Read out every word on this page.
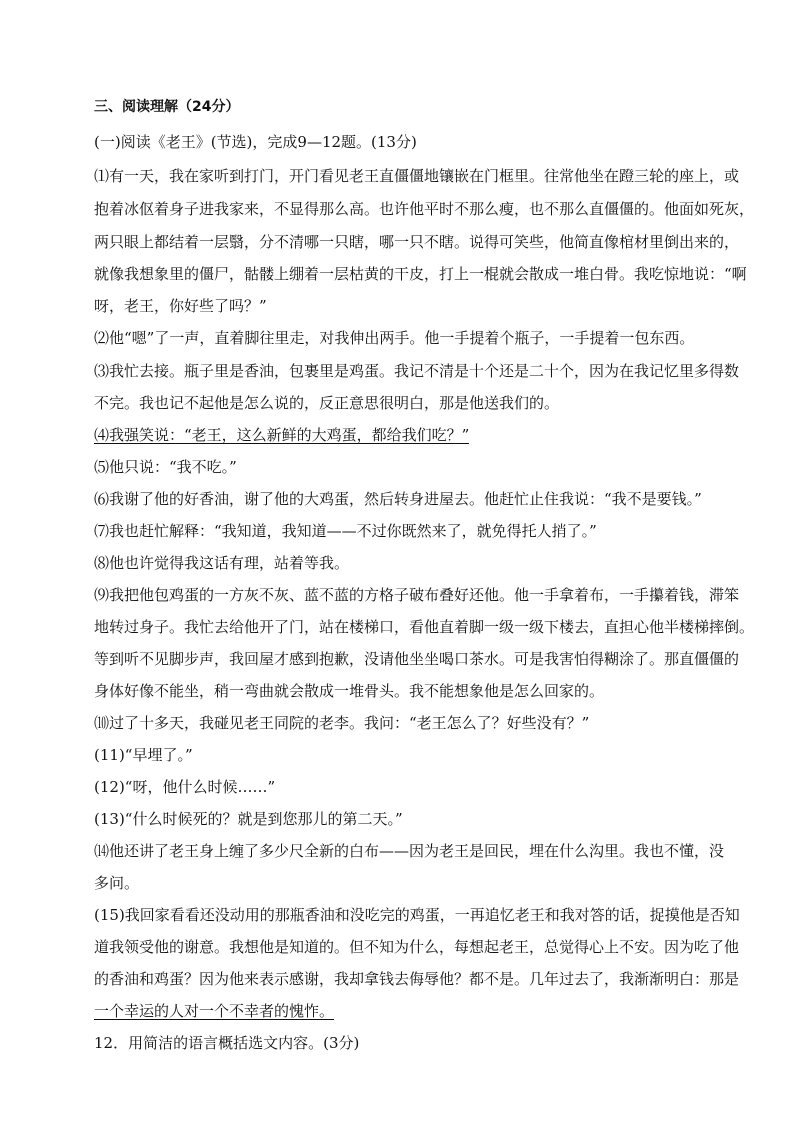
三、阅读理解（24分）
(一)阅读《老王》(节选)，完成9—12题。(13分)
⑴有一天，我在家听到打门，开门看见老王直僵僵地镶嵌在门框里。往常他坐在蹬三轮的座上，或
抱着冰伛着身子进我家来，不显得那么高。也许他平时不那么瘦，也不那么直僵僵的。他面如死灰，
两只眼上都结着一层翳，分不清哪一只瞎，哪一只不瞎。说得可笑些，他简直像棺材里倒出来的，
就像我想象里的僵尸，骷髅上绷着一层枯黄的干皮，打上一棍就会散成一堆白骨。我吃惊地说：“啊
呀，老王，你好些了吗？”
⑵他“嗯”了一声，直着脚往里走，对我伸出两手。他一手提着个瓶子，一手提着一包东西。
⑶我忙去接。瓶子里是香油，包裹里是鸡蛋。我记不清是十个还是二十个，因为在我记忆里多得数
不完。我也记不起他是怎么说的，反正意思很明白，那是他送我们的。
⑷我强笑说：“老王，这么新鲜的大鸡蛋，都给我们吃？”
⑸他只说：“我不吃。”
⑹我谢了他的好香油，谢了他的大鸡蛋，然后转身进屋去。他赶忙止住我说：“我不是要钱。”
⑺我也赶忙解释：“我知道，我知道——不过你既然来了，就免得托人捎了。”
⑻他也许觉得我这话有理，站着等我。
⑼我把他包鸡蛋的一方灰不灰、蓝不蓝的方格子破布叠好还他。他一手拿着布，一手攥着钱，滞笨
地转过身子。我忙去给他开了门，站在楼梯口，看他直着脚一级一级下楼去，直担心他半楼梯摔倒。
等到听不见脚步声，我回屋才感到抱歉，没请他坐坐喝口茶水。可是我害怕得糊涂了。那直僵僵的
身体好像不能坐，稍一弯曲就会散成一堆骨头。我不能想象他是怎么回家的。
⑽过了十多天，我碰见老王同院的老李。我问：“老王怎么了？好些没有？”
(11)“早埋了。”
(12)“呀，他什么时候……”
(13)“什么时候死的？就是到您那儿的第二天。”
⒁他还讲了老王身上缠了多少尺全新的白布——因为老王是回民，埋在什么沟里。我也不懂，没
多问。
(15)我回家看看还没动用的那瓶香油和没吃完的鸡蛋，一再追忆老王和我对答的话，捉摸他是否知
道我领受他的谢意。我想他是知道的。但不知为什么，每想起老王，总觉得心上不安。因为吃了他
的香油和鸡蛋？因为他来表示感谢，我却拿钱去侮辱他？都不是。几年过去了，我渐渐明白：那是
一个幸运的人对一个不幸者的愧怍。
12．用简洁的语言概括选文内容。(3分)
